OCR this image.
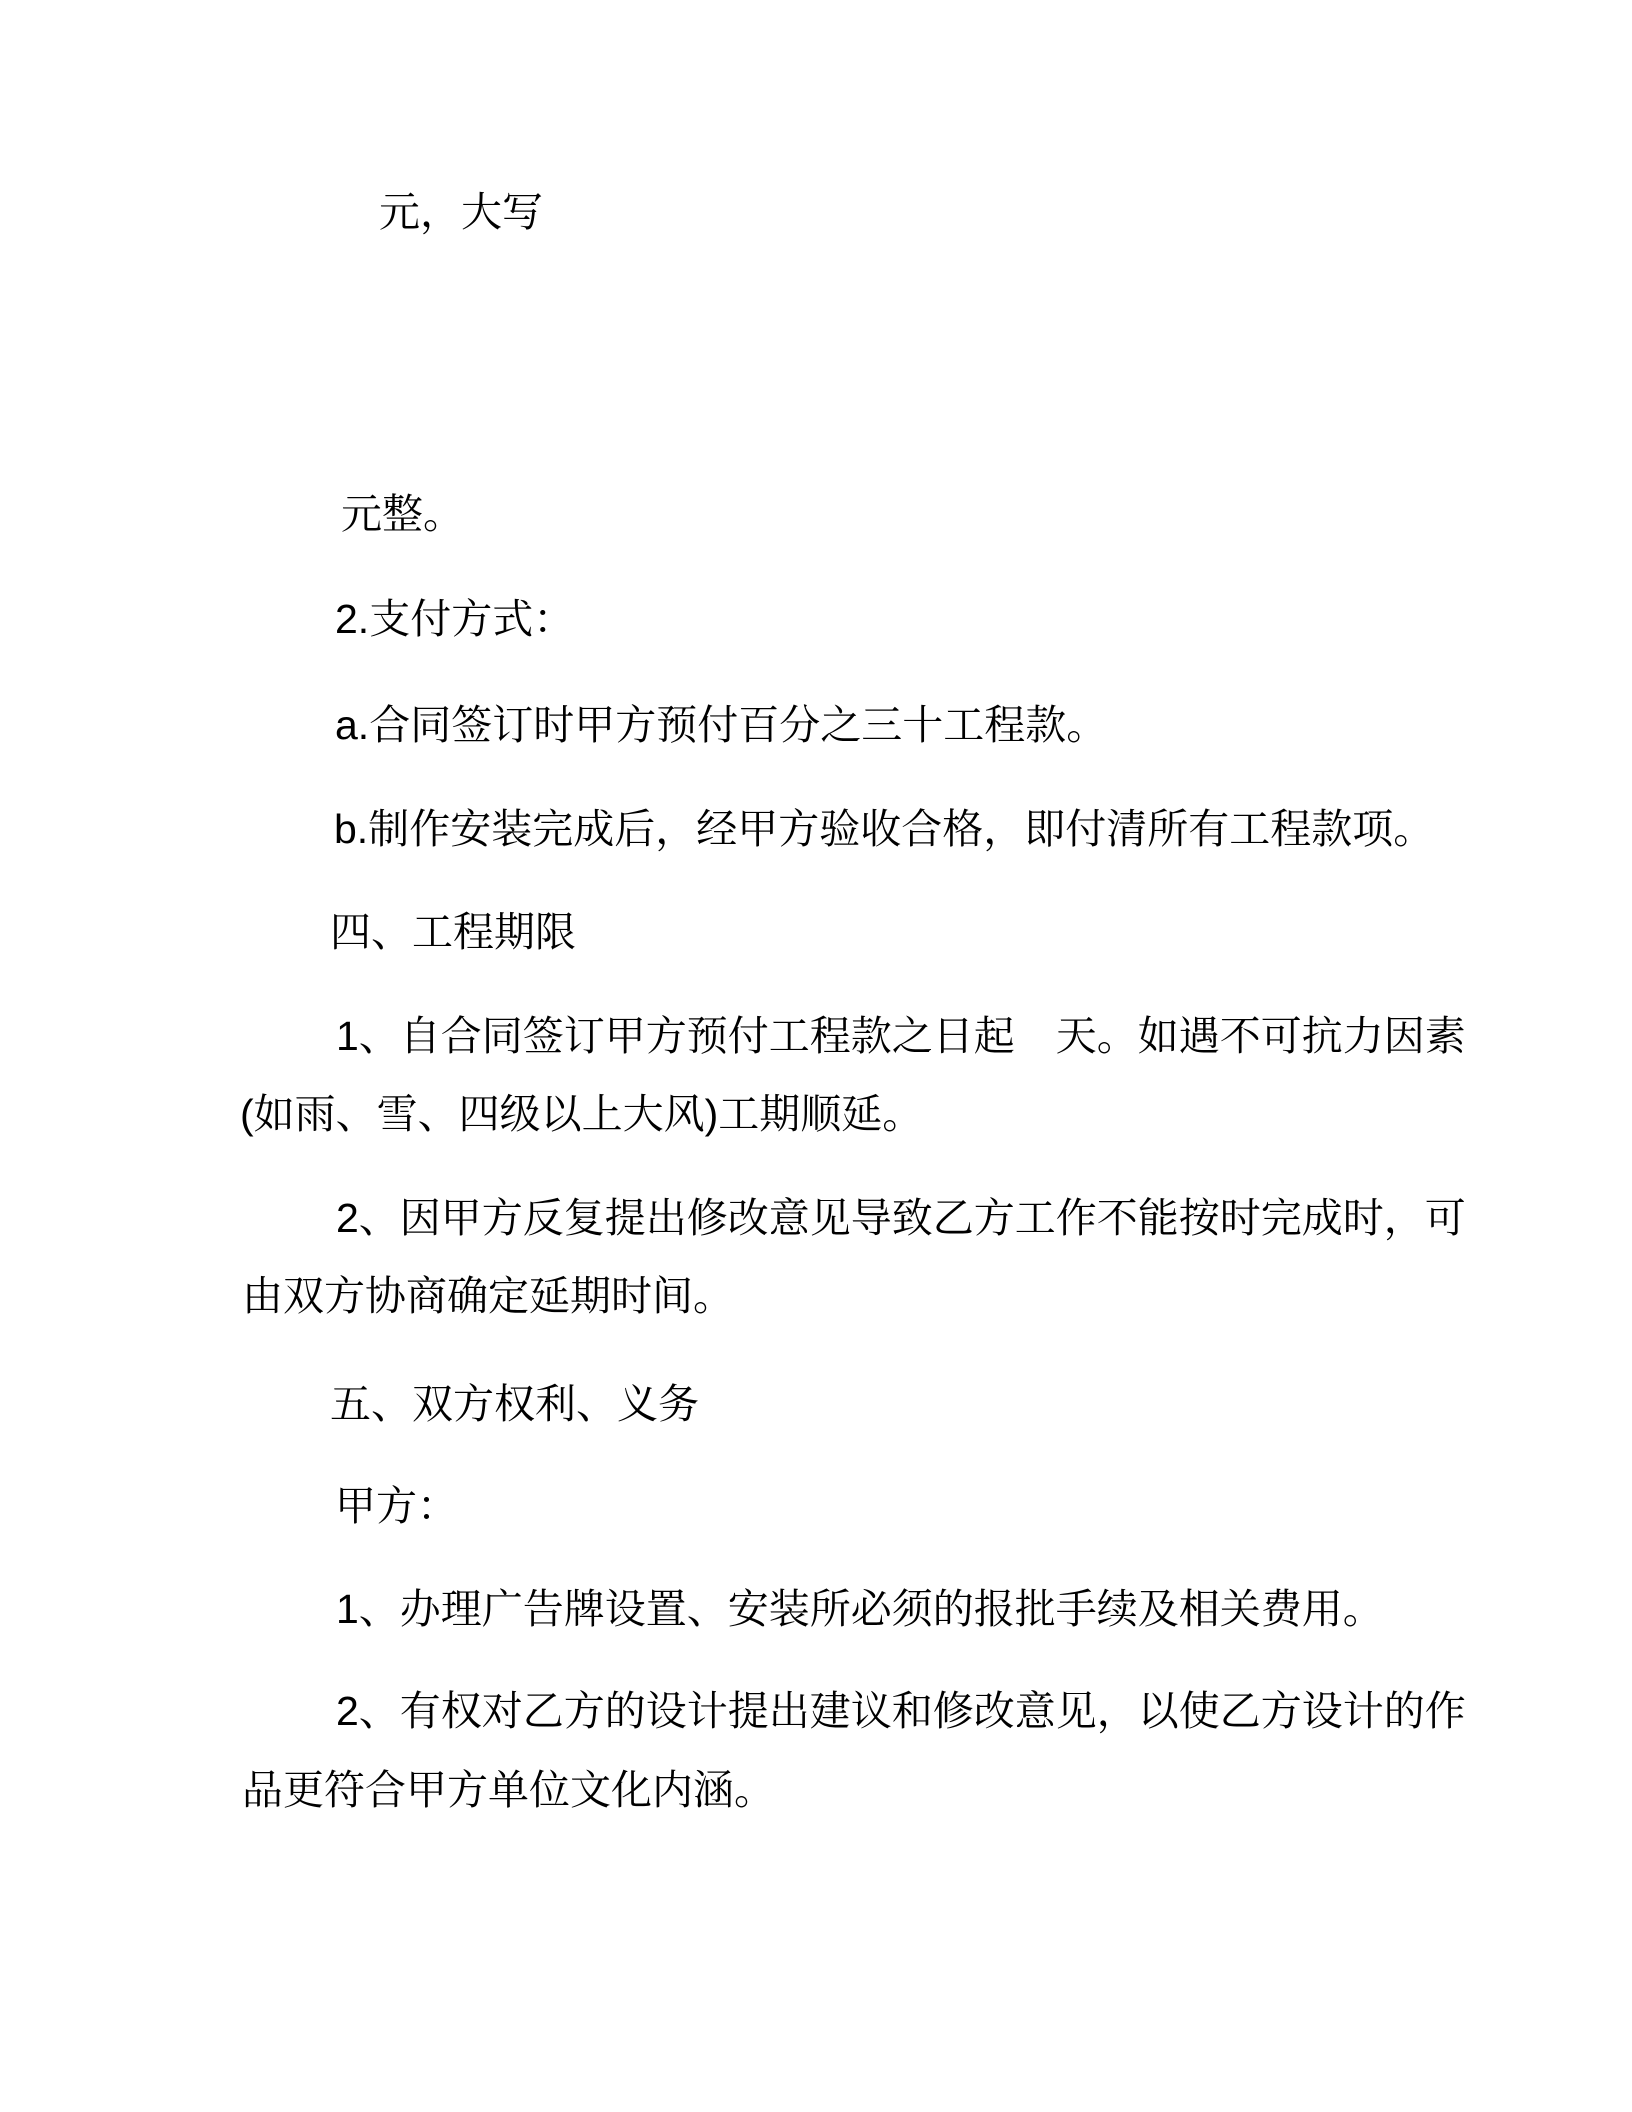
元，大写
元整。
2.支付方式：
a.合同签订时甲方预付百分之三十工程款。
b.制作安装完成后，经甲方验收合格，即付清所有工程款项。
四、工程期限
1、自合同签订甲方预付工程款之日起　天。如遇不可抗力因素
(如雨、雪、四级以上大风)工期顺延。
2、因甲方反复提出修改意见导致乙方工作不能按时完成时，可
由双方协商确定延期时间。
五、双方权利、义务
甲方：
1、办理广告牌设置、安装所必须的报批手续及相关费用。
2、有权对乙方的设计提出建议和修改意见，以使乙方设计的作
品更符合甲方单位文化内涵。
